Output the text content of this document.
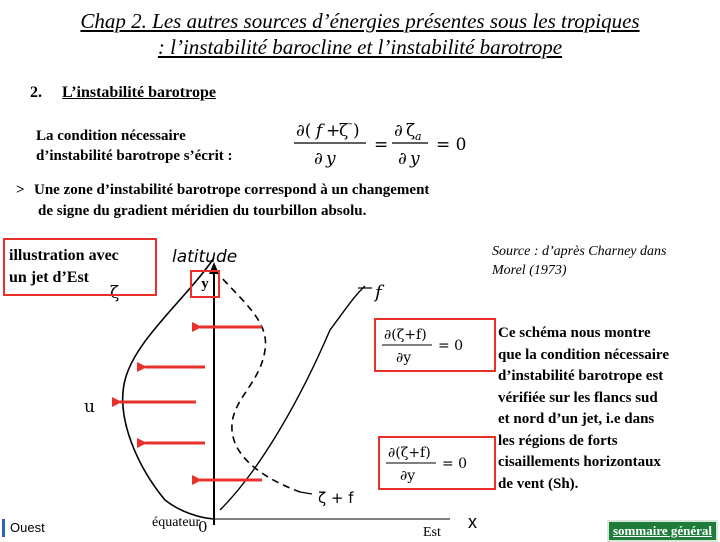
Chap 2. Les autres sources d’énergies présentes sous les tropiques
: l’instabilité barocline et l’instabilité barotrope
2. L’instabilité barotrope
La condition nécessaire
d’instabilité barotrope s’écrit :
∂( f +
ζ
– )
∂ y
=
∂ ζ a
∂ y
= 0
> Une zone d’instabilité barotrope correspond à un changement
de signe du gradient méridien du tourbillon absolu.
latitude
u
ζ	f
ζ + f
0
y
∂(ζ+f)
∂y
= 0
∂(ζ+f)
∂y
= 0
illustration avec
un jet d’Est
Source : d’après Charney dans
Morel (1973)
Ce schéma nous montre
que la condition nécessaire
d’instabilité barotrope est
vérifiée sur les flancs sud
et nord d’un jet, i.e dans
les régions de forts
cisaillements horizontaux
de vent (Sh).
Ouest	équateur
Est
x	sommaire général
